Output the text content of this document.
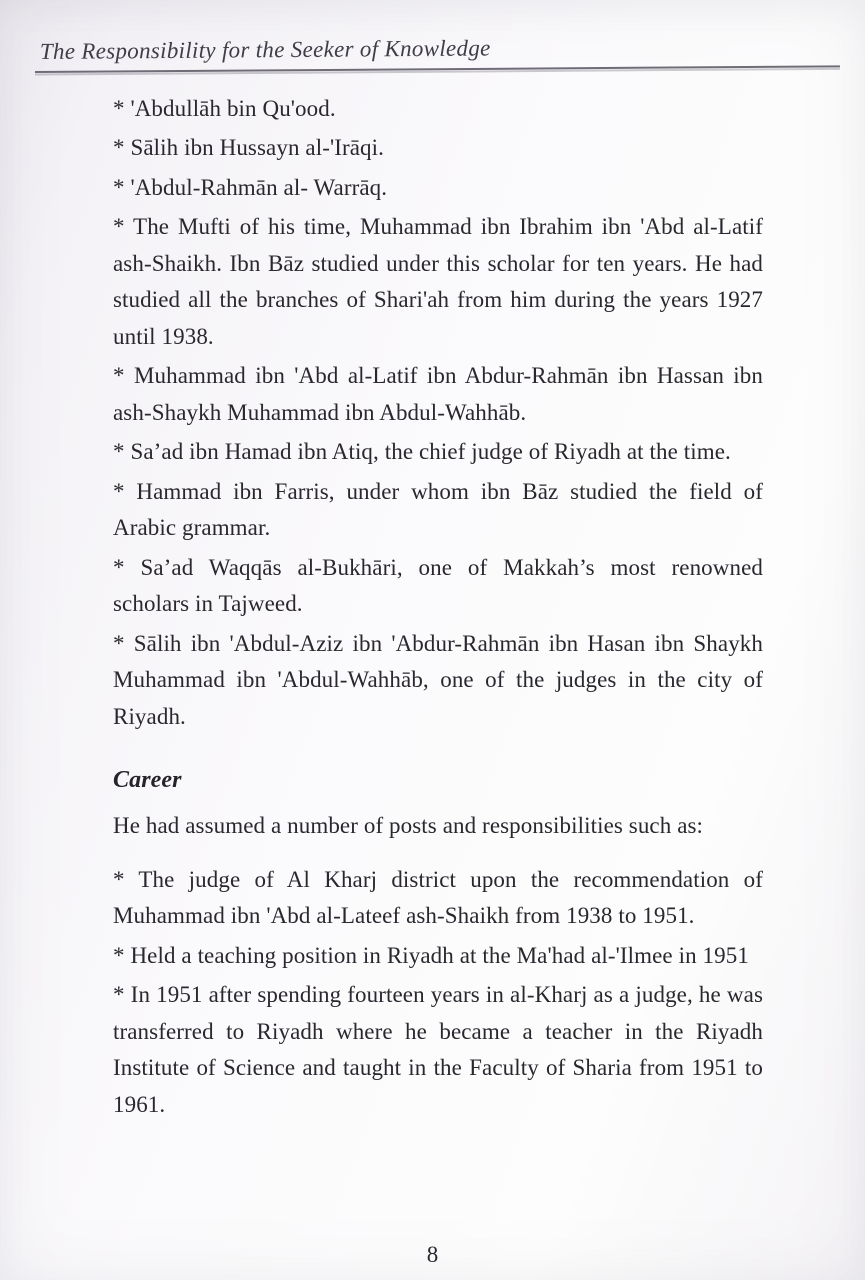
The Responsibility for the Seeker of Knowledge

* 'Abdullāh bin Qu'ood.

* Sālih ibn Hussayn al-'Irāqi.

* 'Abdul-Rahmān al- Warrāq.

* The Mufti of his time, Muhammad ibn Ibrahim ibn 'Abd al-Latif ash-Shaikh. Ibn Bāz studied under this scholar for ten years. He had studied all the branches of Shari'ah from him during the years 1927 until 1938.

* Muhammad ibn 'Abd al-Latif ibn Abdur-Rahmān ibn Hassan ibn ash-Shaykh Muhammad ibn Abdul-Wahhāb.

* Sa’ad ibn Hamad ibn Atiq, the chief judge of Riyadh at the time.

* Hammad ibn Farris, under whom ibn Bāz studied the field of Arabic grammar.

* Sa’ad Waqqās al-Bukhāri, one of Makkah’s most renowned scholars in Tajweed.

* Sālih ibn 'Abdul-Aziz ibn 'Abdur-Rahmān ibn Hasan ibn Shaykh Muhammad ibn 'Abdul-Wahhāb, one of the judges in the city of Riyadh.

Career

He had assumed a number of posts and responsibilities such as:

* The judge of Al Kharj district upon the recommendation of Muhammad ibn 'Abd al-Lateef ash-Shaikh from 1938 to 1951.

* Held a teaching position in Riyadh at the Ma'had al-'Ilmee in 1951

* In 1951 after spending fourteen years in al-Kharj as a judge, he was transferred to Riyadh where he became a teacher in the Riyadh Institute of Science and taught in the Faculty of Sharia from 1951 to 1961.

8
